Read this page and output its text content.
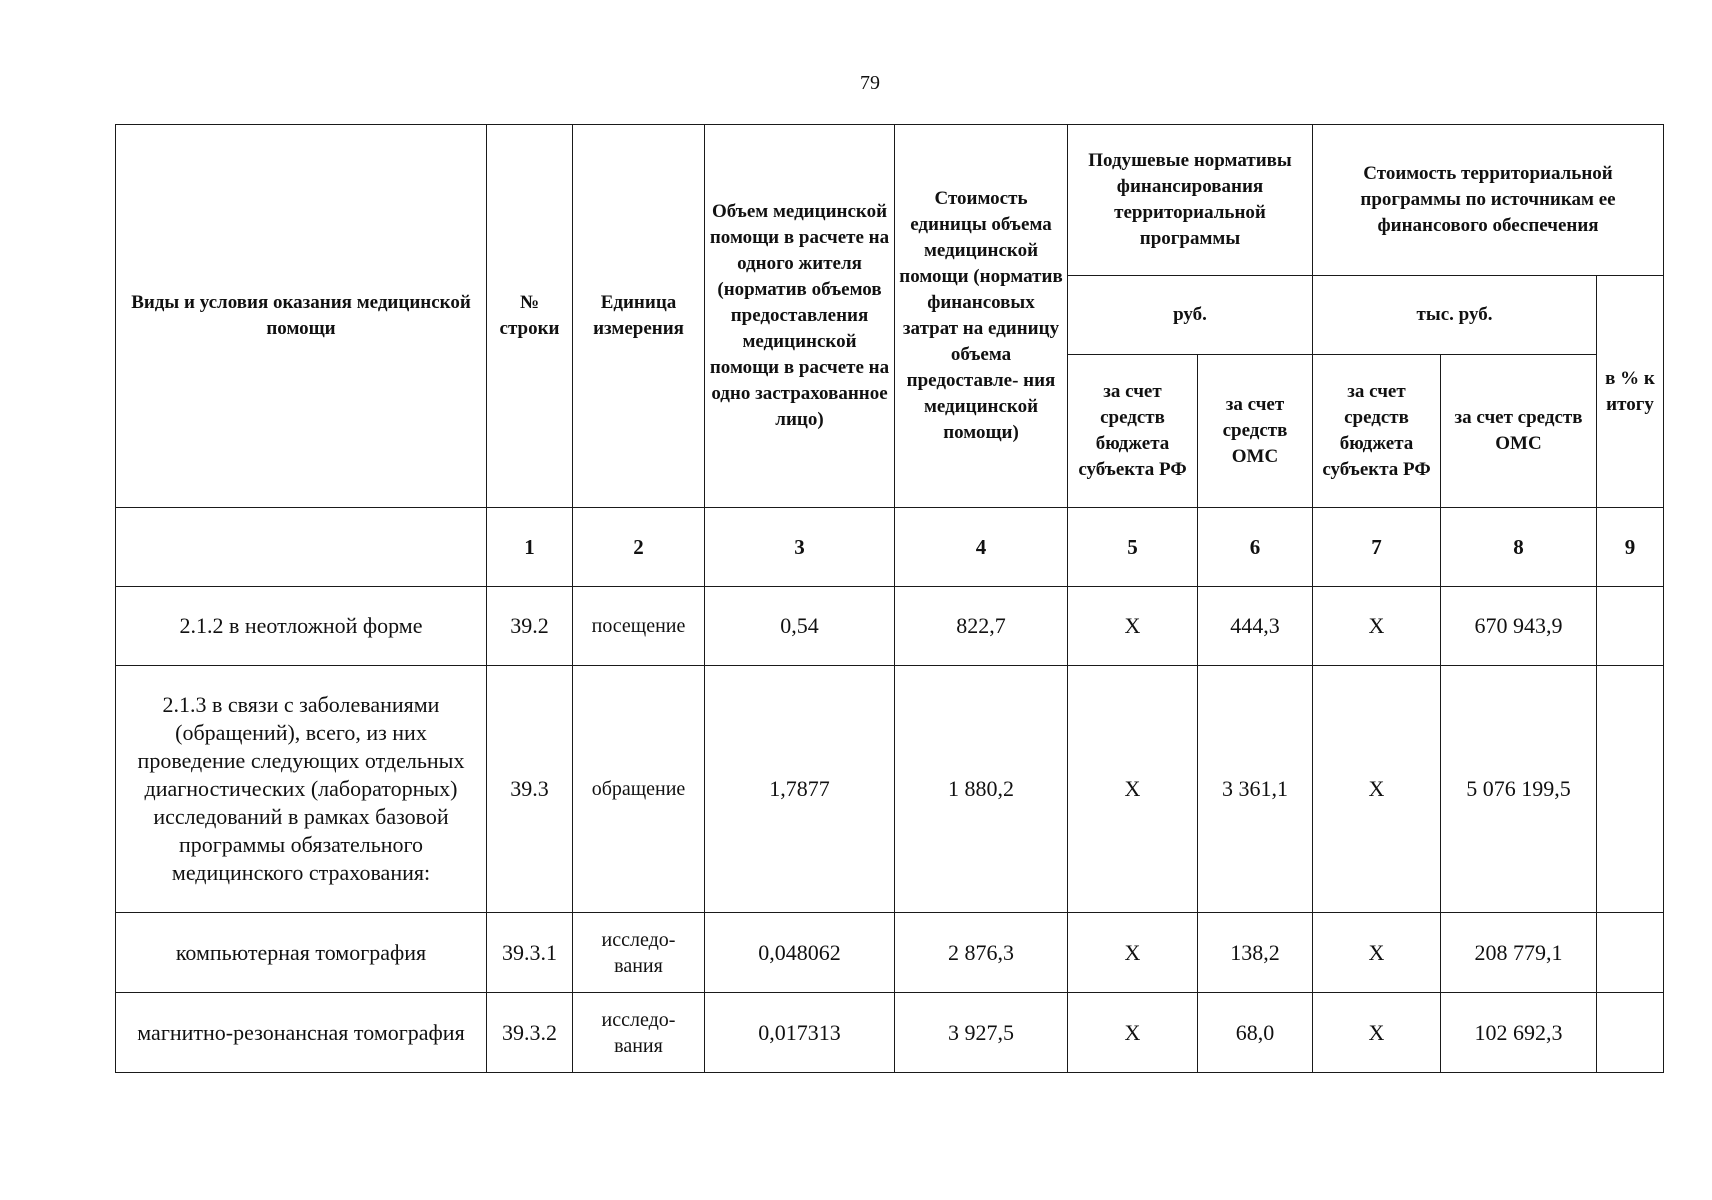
79
Виды и условия оказания медицинской помощи	№ строки	Единица измерения	Объем медицинской помощи в расчете на одного жителя (норматив объемов предоставления медицинской помощи в расчете на одно застрахованное лицо)	Стоимость единицы объема медицинской помощи (норматив финансовых затрат на единицу объема предоставле- ния медицинской помощи)	Подушевые нормативы финансирования территориальной программы		Стоимость территориальной программы по источникам ее финансового обеспечения		
					руб.		тыс. руб.		в % к итогу
					за счет средств бюджета субъекта РФ	за счет средств ОМС	за счет средств бюджета субъекта РФ	за счет средств ОМС	
	1	2	3	4	5	6	7	8	9
2.1.2 в неотложной форме	39.2	посещение	0,54	822,7	Х	444,3	Х	670 943,9	
2.1.3 в связи с заболеваниями (обращений), всего, из них проведение следующих отдельных диагностических (лабораторных) исследований в рамках базовой программы обязательного медицинского страхования:	39.3	обращение	1,7877	1 880,2	Х	3 361,1	Х	5 076 199,5	
компьютерная томография	39.3.1	исследо- вания	0,048062	2 876,3	Х	138,2	Х	208 779,1	
магнитно-резонансная томография	39.3.2	исследо- вания	0,017313	3 927,5	Х	68,0	Х	102 692,3	
